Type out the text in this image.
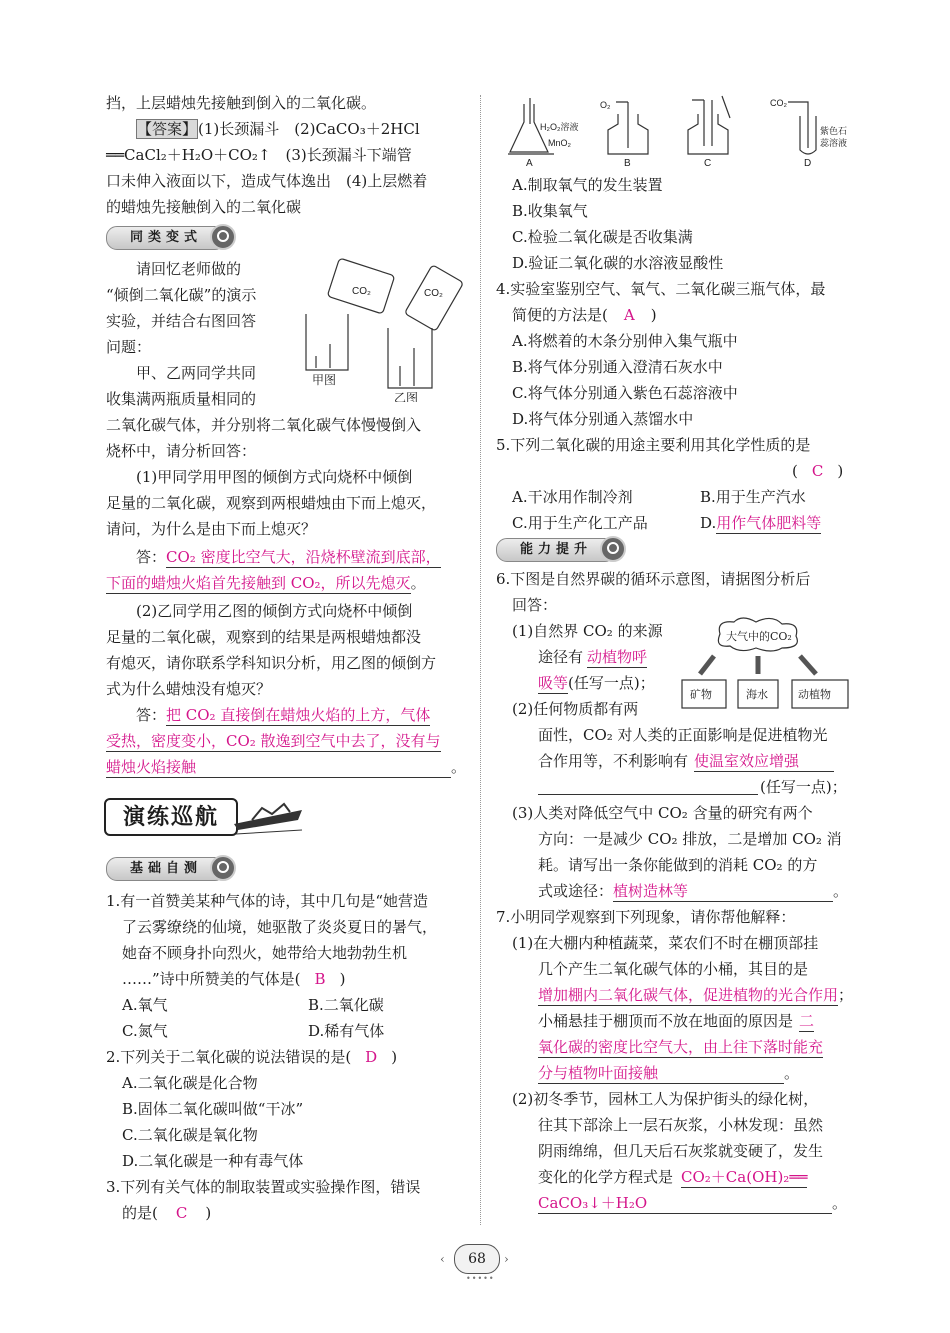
挡，上层蜡烛先接触到倒入的二氧化碳。
【答案】(1)长颈漏斗　(2)CaCO₃＋2HCl
══CaCl₂＋H₂O＋CO₂↑　(3)长颈漏斗下端管
口未伸入液面以下，造成气体逸出　(4)上层燃着
的蜡烛先接触倒入的二氧化碳
同类变式
请回忆老师做的
“倾倒二氧化碳”的演示
实验，并结合右图回答
问题：
甲、乙两同学共同
收集满两瓶质量相同的
CO₂	CO₂
甲图
乙图
二氧化碳气体，并分别将二氧化碳气体慢慢倒入
烧杯中，请分析回答：
(1)甲同学用甲图的倾倒方式向烧杯中倾倒
足量的二氧化碳，观察到两根蜡烛由下而上熄灭，
请问，为什么是由下而上熄灭？
答：CO₂ 密度比空气大，沿烧杯壁流到底部，
下面的蜡烛火焰首先接触到 CO₂，所以先熄灭。
(2)乙同学用乙图的倾倒方式向烧杯中倾倒
足量的二氧化碳，观察到的结果是两根蜡烛都没
有熄灭，请你联系学科知识分析，用乙图的倾倒方
式为什么蜡烛没有熄灭？
答：把 CO₂ 直接倒在蜡烛火焰的上方，气体
受热，密度变小，CO₂ 散逸到空气中去了，没有与
蜡烛火焰接触	。
演练巡航
基础自测
1.有一首赞美某种气体的诗，其中几句是“她营造
了云雾缭绕的仙境，她驱散了炎炎夏日的暑气，
她奋不顾身扑向烈火，她带给大地勃勃生机
……”诗中所赞美的气体是( B )
A.氧气	B.二氧化碳
C.氮气	D.稀有气体
2.下列关于二氧化碳的说法错误的是( D )
A.二氧化碳是化合物
B.固体二氧化碳叫做“干冰”
C.二氧化碳是氧化物
D.二氧化碳是一种有毒气体
3.下列有关气体的制取装置或实验操作图，错误
的是( C )
H₂O₂溶液
MnO₂
O₂	CO₂
紫色石
蕊溶液
A	B	C	D
A.制取氧气的发生装置
B.收集氧气
C.检验二氧化碳是否收集满
D.验证二氧化碳的水溶液显酸性
4.实验室鉴别空气、氧气、二氧化碳三瓶气体，最
简便的方法是( A )
A.将燃着的木条分别伸入集气瓶中
B.将气体分别通入澄清石灰水中
C.将气体分别通入紫色石蕊溶液中
D.将气体分别通入蒸馏水中
5.下列二氧化碳的用途主要利用其化学性质的是
( C )
A.干冰用作制冷剂	B.用于生产汽水
C.用于生产化工产品	D.用作气体肥料等
能力提升
6.下图是自然界碳的循环示意图，请据图分析后
回答：
(1)自然界 CO₂ 的来源
途径有 动植物呼
吸等(任写一点)；
大气中的CO₂
矿物	海水	动植物
(2)任何物质都有两
面性，CO₂ 对人类的正面影响是促进植物光
合作用等，不利影响有 使温室效应增强
(任写一点)；
(3)人类对降低空气中 CO₂ 含量的研究有两个
方向：一是减少 CO₂ 排放，二是增加 CO₂ 消
耗。请写出一条你能做到的消耗 CO₂ 的方
式或途径：植树造林等	。
7.小明同学观察到下列现象，请你帮他解释：
(1)在大棚内种植蔬菜，菜农们不时在棚顶部挂
几个产生二氧化碳气体的小桶，其目的是
增加棚内二氧化碳气体，促进植物的光合作用；
小桶悬挂于棚顶而不放在地面的原因是 二
氧化碳的密度比空气大，由上往下落时能充
分与植物叶面接触	。
(2)初冬季节，园林工人为保护街头的绿化树，
往其下部涂上一层石灰浆，小林发现：虽然
阴雨绵绵，但几天后石灰浆就变硬了，发生
变化的化学方程式是 CO₂＋Ca(OH)₂══
CaCO₃↓＋H₂O	。
68
‹	›
•••••
